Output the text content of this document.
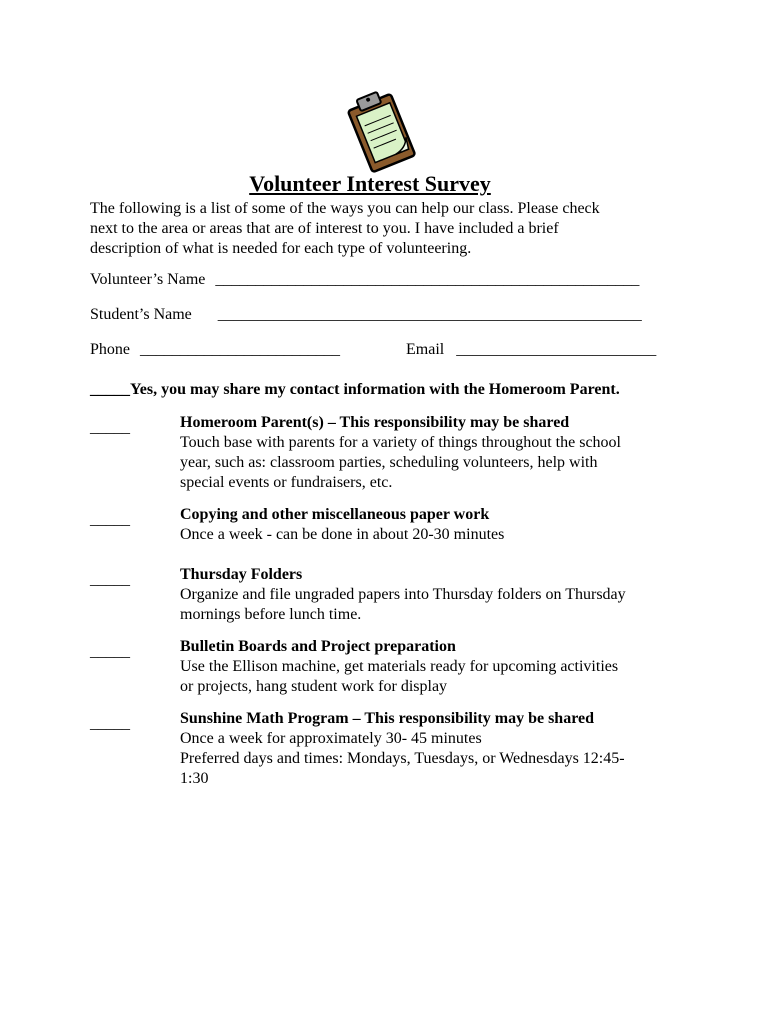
Volunteer Interest Survey
The following is a list of some of the ways you can help our class. Please check
next to the area or areas that are of interest to you. I have included a brief
description of what is needed for each type of volunteering.
Volunteer’s Name _____________________________________________________
Student’s Name _____________________________________________________
Phone _________________________	Email _________________________
_____Yes, you may share my contact information with the Homeroom Parent.
_____	Homeroom Parent(s) – This responsibility may be shared
Touch base with parents for a variety of things throughout the school
year, such as: classroom parties, scheduling volunteers, help with
special events or fundraisers, etc.
_____	Copying and other miscellaneous paper work
Once a week - can be done in about 20-30 minutes
_____	Thursday Folders
Organize and file ungraded papers into Thursday folders on Thursday
mornings before lunch time.
_____	Bulletin Boards and Project preparation
Use the Ellison machine, get materials ready for upcoming activities
or projects, hang student work for display
_____	Sunshine Math Program – This responsibility may be shared
Once a week for approximately 30- 45 minutes
Preferred days and times: Mondays, Tuesdays, or Wednesdays 12:45-
1:30
